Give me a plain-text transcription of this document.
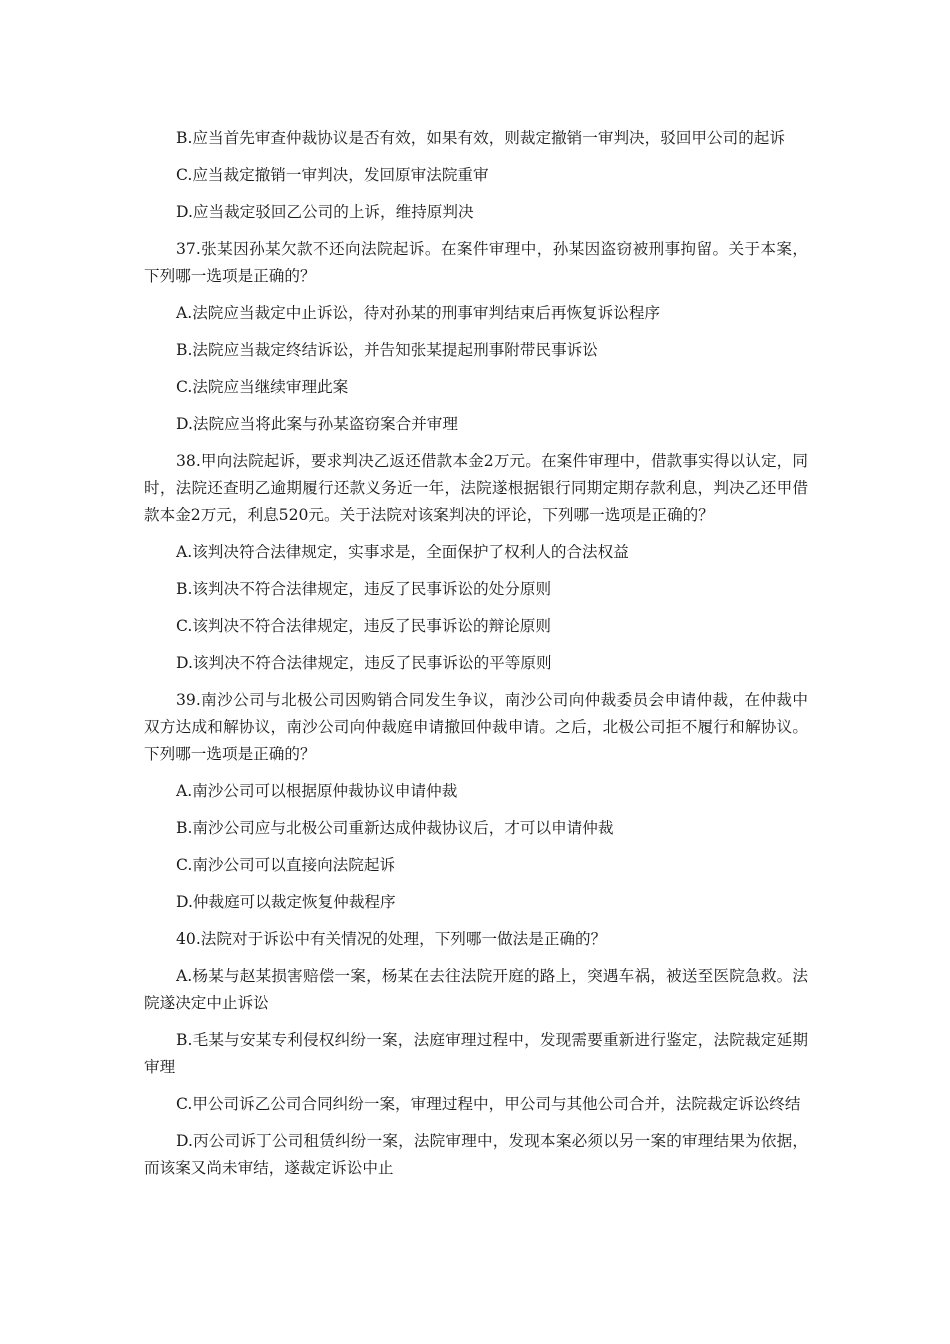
B.应当首先审查仲裁协议是否有效，如果有效，则裁定撤销一审判决，驳回甲公司的起诉

C.应当裁定撤销一审判决，发回原审法院重审

D.应当裁定驳回乙公司的上诉，维持原判决

37.张某因孙某欠款不还向法院起诉。在案件审理中，孙某因盗窃被刑事拘留。关于本案，下列哪一选项是正确的？

A.法院应当裁定中止诉讼，待对孙某的刑事审判结束后再恢复诉讼程序

B.法院应当裁定终结诉讼，并告知张某提起刑事附带民事诉讼

C.法院应当继续审理此案

D.法院应当将此案与孙某盗窃案合并审理

38.甲向法院起诉，要求判决乙返还借款本金2万元。在案件审理中，借款事实得以认定，同时，法院还查明乙逾期履行还款义务近一年，法院遂根据银行同期定期存款利息，判决乙还甲借款本金2万元，利息520元。关于法院对该案判决的评论，下列哪一选项是正确的？

A.该判决符合法律规定，实事求是，全面保护了权利人的合法权益

B.该判决不符合法律规定，违反了民事诉讼的处分原则

C.该判决不符合法律规定，违反了民事诉讼的辩论原则

D.该判决不符合法律规定，违反了民事诉讼的平等原则

39.南沙公司与北极公司因购销合同发生争议，南沙公司向仲裁委员会申请仲裁，在仲裁中双方达成和解协议，南沙公司向仲裁庭申请撤回仲裁申请。之后，北极公司拒不履行和解协议。下列哪一选项是正确的？

A.南沙公司可以根据原仲裁协议申请仲裁

B.南沙公司应与北极公司重新达成仲裁协议后，才可以申请仲裁

C.南沙公司可以直接向法院起诉

D.仲裁庭可以裁定恢复仲裁程序

40.法院对于诉讼中有关情况的处理，下列哪一做法是正确的？

A.杨某与赵某损害赔偿一案，杨某在去往法院开庭的路上，突遇车祸，被送至医院急救。法院遂决定中止诉讼

B.毛某与安某专利侵权纠纷一案，法庭审理过程中，发现需要重新进行鉴定，法院裁定延期审理

C.甲公司诉乙公司合同纠纷一案，审理过程中，甲公司与其他公司合并，法院裁定诉讼终结

D.丙公司诉丁公司租赁纠纷一案，法院审理中，发现本案必须以另一案的审理结果为依据，而该案又尚未审结，遂裁定诉讼中止
